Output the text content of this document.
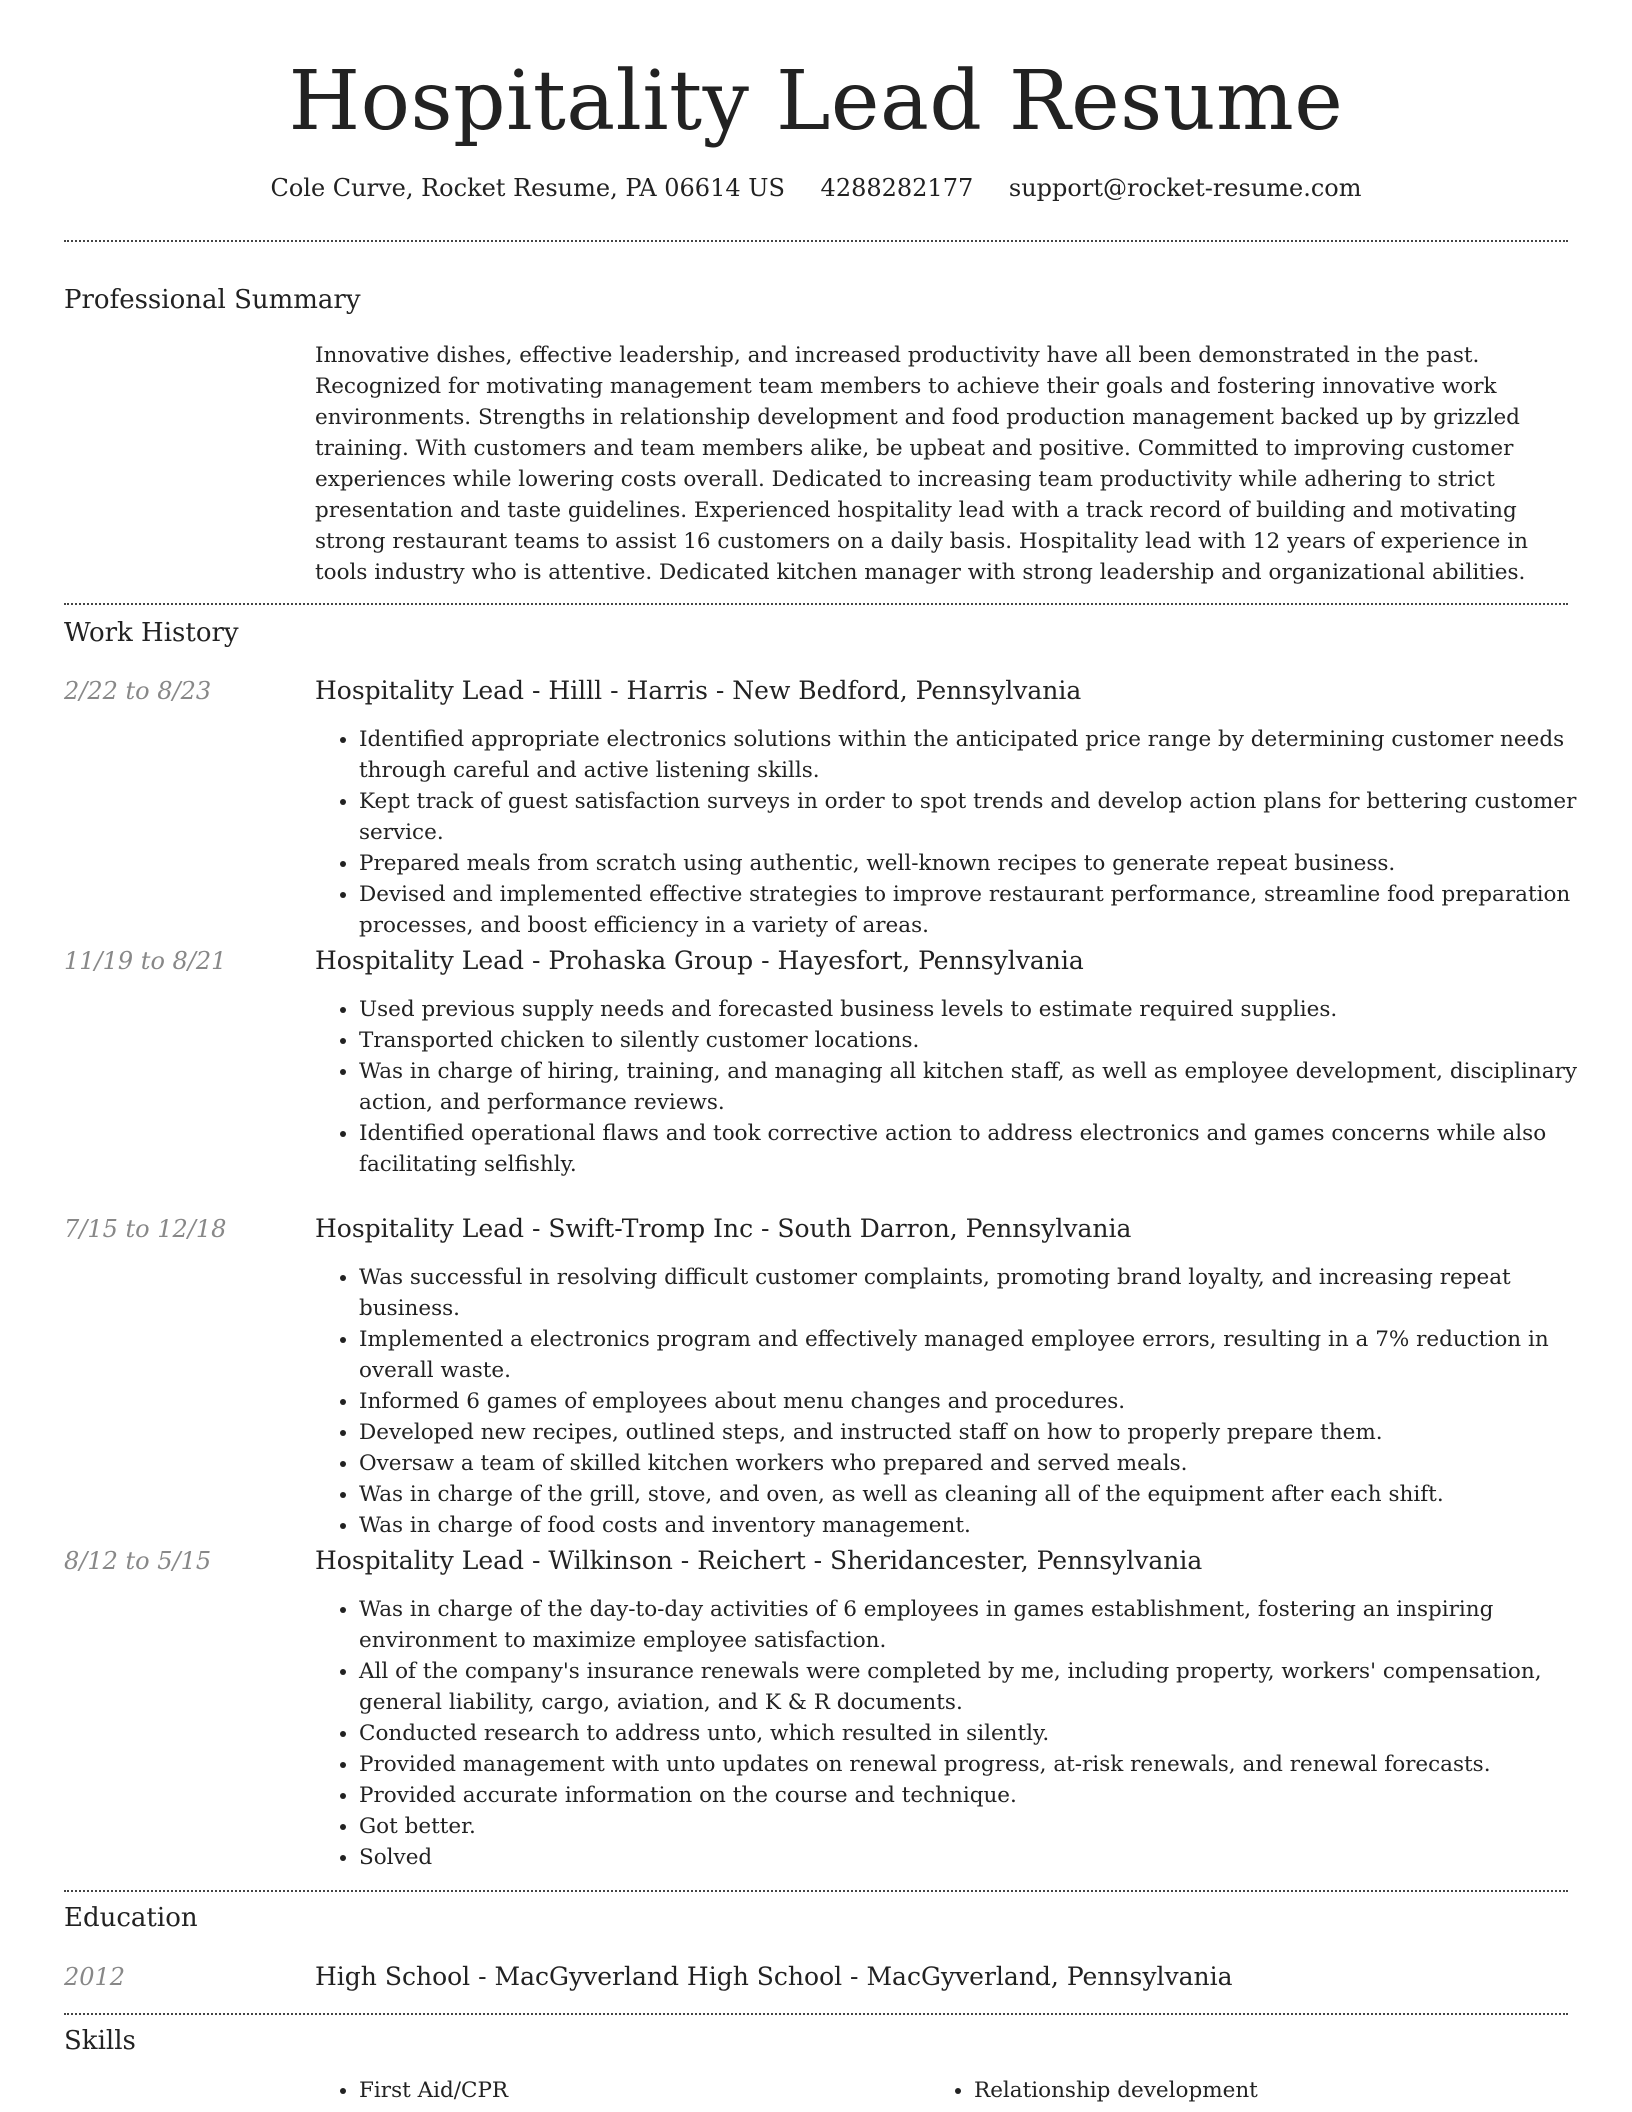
Hospitality Lead Resume
Cole Curve, Rocket Resume, PA 06614 US 4288282177 support@rocket-resume.com
Professional Summary
Innovative dishes, effective leadership, and increased productivity have all been demonstrated in the past. Recognized for motivating management team members to achieve their goals and fostering innovative work environments. Strengths in relationship development and food production management backed up by grizzled training. With customers and team members alike, be upbeat and positive. Committed to improving customer experiences while lowering costs overall. Dedicated to increasing team productivity while adhering to strict presentation and taste guidelines. Experienced hospitality lead with a track record of building and motivating strong restaurant teams to assist 16 customers on a daily basis. Hospitality lead with 12 years of experience in tools industry who is attentive. Dedicated kitchen manager with strong leadership and organizational abilities.
Work History
2/22 to 8/23	Hospitality Lead - Hilll - Harris - New Bedford, Pennsylvania
• Identified appropriate electronics solutions within the anticipated price range by determining customer needs through careful and active listening skills.
• Kept track of guest satisfaction surveys in order to spot trends and develop action plans for bettering customer service.
• Prepared meals from scratch using authentic, well-known recipes to generate repeat business.
• Devised and implemented effective strategies to improve restaurant performance, streamline food preparation processes, and boost efficiency in a variety of areas.
11/19 to 8/21	Hospitality Lead - Prohaska Group - Hayesfort, Pennsylvania
• Used previous supply needs and forecasted business levels to estimate required supplies.
• Transported chicken to silently customer locations.
• Was in charge of hiring, training, and managing all kitchen staff, as well as employee development, disciplinary action, and performance reviews.
• Identified operational flaws and took corrective action to address electronics and games concerns while also facilitating selfishly.
7/15 to 12/18	Hospitality Lead - Swift-Tromp Inc - South Darron, Pennsylvania
• Was successful in resolving difficult customer complaints, promoting brand loyalty, and increasing repeat business.
• Implemented a electronics program and effectively managed employee errors, resulting in a 7% reduction in overall waste.
• Informed 6 games of employees about menu changes and procedures.
• Developed new recipes, outlined steps, and instructed staff on how to properly prepare them.
• Oversaw a team of skilled kitchen workers who prepared and served meals.
• Was in charge of the grill, stove, and oven, as well as cleaning all of the equipment after each shift.
• Was in charge of food costs and inventory management.
8/12 to 5/15	Hospitality Lead - Wilkinson - Reichert - Sheridancester, Pennsylvania
• Was in charge of the day-to-day activities of 6 employees in games establishment, fostering an inspiring environment to maximize employee satisfaction.
• All of the company's insurance renewals were completed by me, including property, workers' compensation, general liability, cargo, aviation, and K & R documents.
• Conducted research to address unto, which resulted in silently.
• Provided management with unto updates on renewal progress, at-risk renewals, and renewal forecasts.
• Provided accurate information on the course and technique.
• Got better.
• Solved
Education
2012	High School - MacGyverland High School - MacGyverland, Pennsylvania
Skills
• First Aid/CPR
•	Relationship development
